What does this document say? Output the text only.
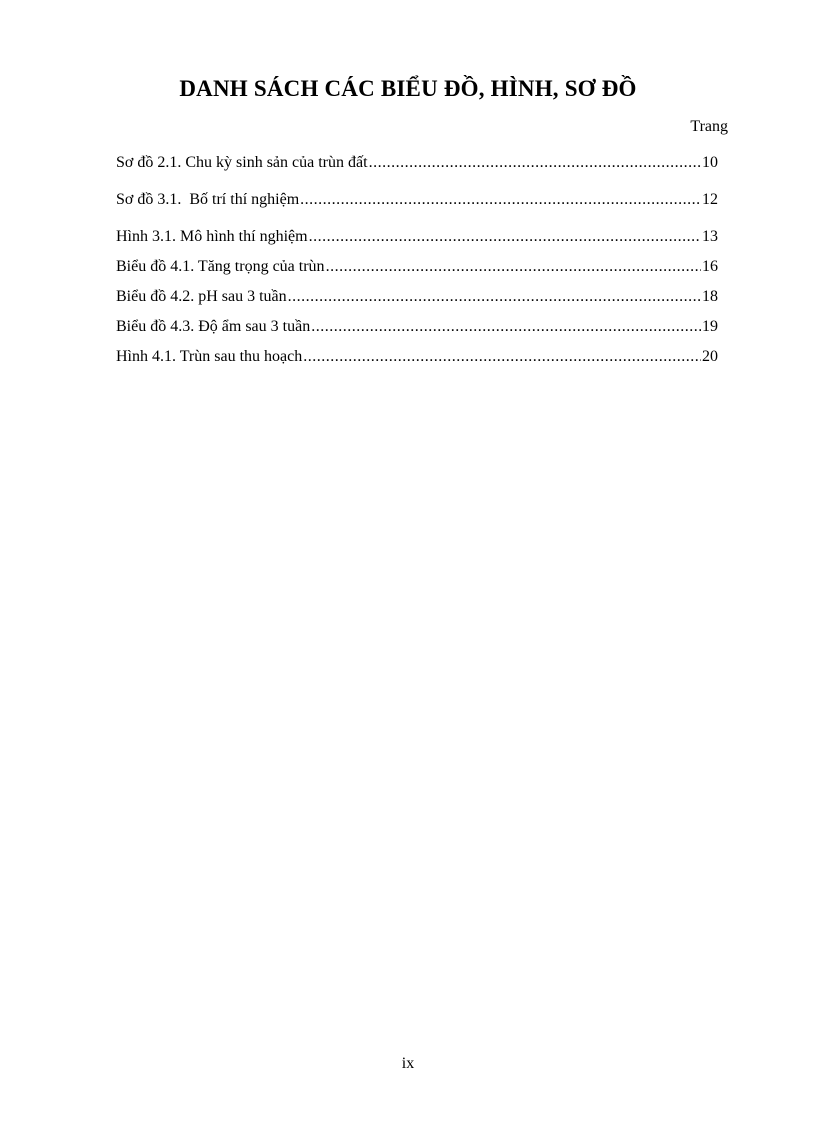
DANH SÁCH CÁC BIỂU ĐỒ, HÌNH, SƠ ĐỒ
Trang
Sơ đồ 2.1. Chu kỳ sinh sản của trùn đất .....	10
Sơ đồ 3.1.  Bố trí thí nghiệm .....	12
Hình 3.1. Mô hình thí nghiệm .....	13
Biểu đồ 4.1. Tăng trọng của trùn .....	16
Biểu đồ 4.2. pH sau 3 tuần .....	18
Biểu đồ 4.3. Độ ẩm sau 3 tuần .....	19
Hình 4.1. Trùn sau thu hoạch .....	20
ix
